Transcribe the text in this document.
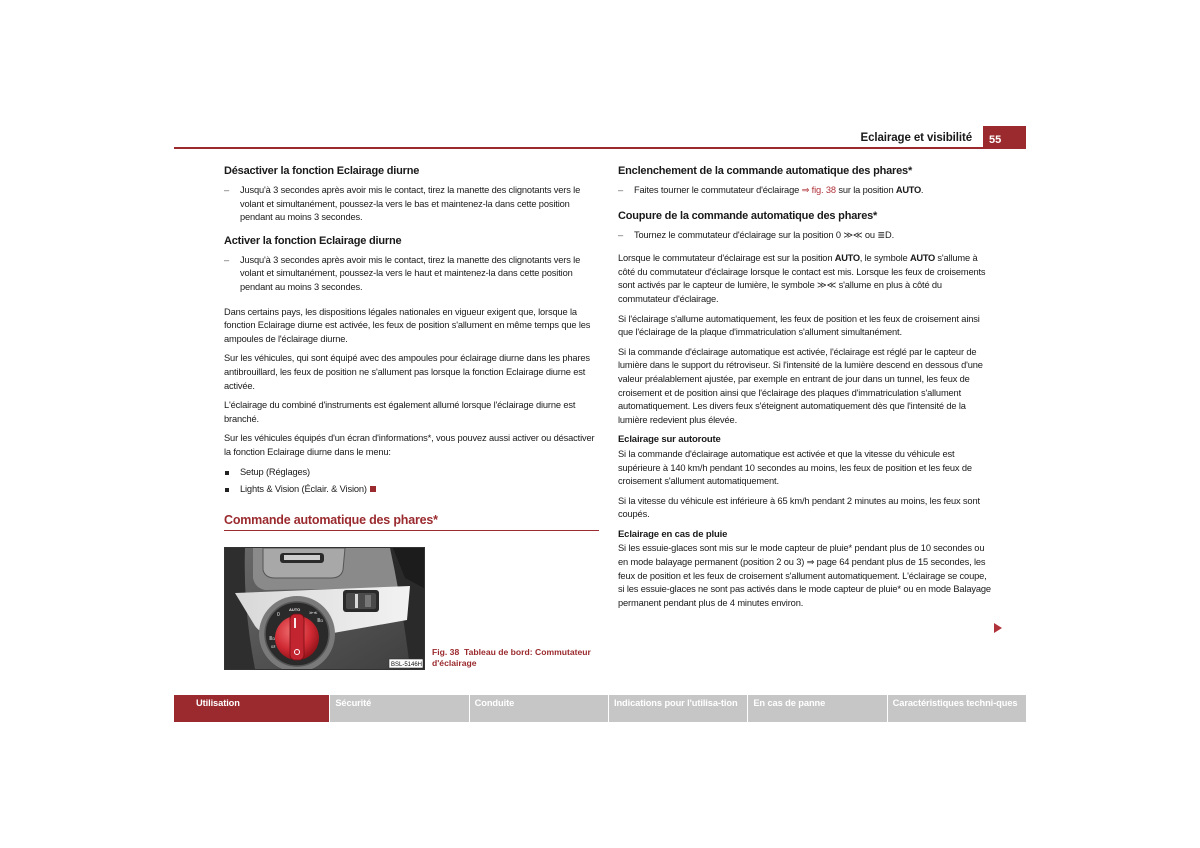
Eclairage et visibilité	55
Désactiver la fonction Eclairage diurne
–	Jusqu'à 3 secondes après avoir mis le contact, tirez la manette des clignotants vers le volant et simultanément, poussez-la vers le bas et maintenez-la dans cette position pendant au moins 3 secondes.
Activer la fonction Eclairage diurne
–	Jusqu'à 3 secondes après avoir mis le contact, tirez la manette des clignotants vers le volant et simultanément, poussez-la vers le haut et maintenez-la dans cette position pendant au moins 3 secondes.

Dans certains pays, les dispositions légales nationales en vigueur exigent que, lorsque la fonction Eclairage diurne est activée, les feux de position s'allument en même temps que les ampoules de l'éclairage diurne.

Sur les véhicules, qui sont équipé avec des ampoules pour éclairage diurne dans les phares antibrouillard, les feux de position ne s'allument pas lorsque la fonction Eclairage diurne est activée.

L'éclairage du combiné d'instruments est également allumé lorsque l'éclairage diurne est branché.

Sur les véhicules équipés d'un écran d'informations*, vous pouvez aussi activer ou désactiver la fonction Eclairage diurne dans le menu:

Setup (Réglages)
Lights & Vision (Éclair. & Vision)
Commande automatique des phares*
0
AUTO
≫≪
≣D
≣D
0≢
BSL-5146H
Fig. 38 Tableau de bord: Commutateur d'éclairage
Enclenchement de la commande automatique des phares*
–	Faites tourner le commutateur d'éclairage ⇒ fig. 38 sur la position AUTO.
Coupure de la commande automatique des phares*
–	Tournez le commutateur d'éclairage sur la position 0 ≫≪ ou ≣D.

Lorsque le commutateur d'éclairage est sur la position AUTO, le symbole AUTO s'allume à côté du commutateur d'éclairage lorsque le contact est mis. Lorsque les feux de croisements sont activés par le capteur de lumière, le symbole ≫≪ s'allume en plus à côté du commutateur d'éclairage.

Si l'éclairage s'allume automatiquement, les feux de position et les feux de croisement ainsi que l'éclairage de la plaque d'immatriculation s'allument simultanément.

Si la commande d'éclairage automatique est activée, l'éclairage est réglé par le capteur de lumière dans le support du rétroviseur. Si l'intensité de la lumière descend en dessous d'une valeur préalablement ajustée, par exemple en entrant de jour dans un tunnel, les feux de croisement et de position ainsi que l'éclairage des plaques d'immatriculation s'allument automatiquement. Les divers feux s'éteignent automatiquement dès que l'intensité de la lumière redevient plus élevée.

Eclairage sur autoroute

Si la commande d'éclairage automatique est activée et que la vitesse du véhicule est supérieure à 140 km/h pendant 10 secondes au moins, les feux de position et les feux de croisement s'allument automatiquement.

Si la vitesse du véhicule est inférieure à 65 km/h pendant 2 minutes au moins, les feux sont coupés.

Eclairage en cas de pluie

Si les essuie-glaces sont mis sur le mode capteur de pluie* pendant plus de 10 secondes ou en mode balayage permanent (position 2 ou 3) ⇒ page 64 pendant plus de 15 secondes, les feux de position et les feux de croisement s'allument automatiquement. L'éclairage se coupe, si les essuie-glaces ne sont pas activés dans le mode capteur de pluie* ou en mode Balayage permanent pendant plus de 4 minutes environ.

Utilisation	Sécurité	Conduite	Indications pour l'utilisa-tion	En cas de panne	Caractéristiques techni-ques
